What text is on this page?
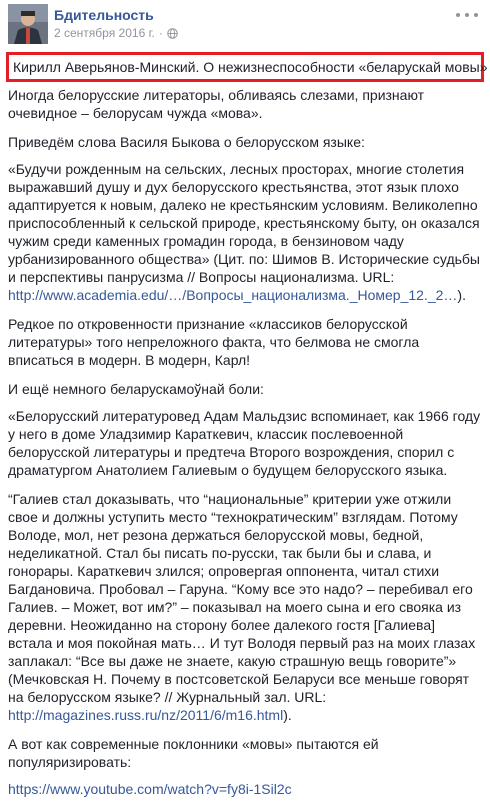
Бдительность
2 сентября 2016 г. ·
Кирилл Аверьянов-Минский. О нежизнеспособности «беларускай мовы»

Иногда белорусские литераторы, обливаясь слезами, признают очевидное – белорусам чужда «мова».

Приведём слова Василя Быкова о белорусском языке:

«Будучи рожденным на сельских, лесных просторах, многие столетия выражавший душу и дух белорусского крестьянства, этот язык плохо адаптируется к новым, далеко не крестьянским условиям. Великолепно приспособленный к сельской природе, крестьянскому быту, он оказался чужим среди каменных громадин города, в бензиновом чаду урбанизированного общества» (Цит. по: Шимов В. Исторические судьбы и перспективы панрусизма // Вопросы национализма. URL: http://www.academia.edu/…/Вопросы_национализма._Номер_12._2…).

Редкое по откровенности признание «классиков белорусской литературы» того непреложного факта, что белмова не смогла вписаться в модерн. В модерн, Карл!

И ещё немного беларускамоўнай боли:

«Белорусский литературовед Адам Мальдзис вспоминает, как 1966 году у него в доме Уладзимир Караткевич, классик послевоенной белорусской литературы и предтеча Второго возрождения, спорил с драматургом Анатолием Галиевым о будущем белорусского языка.

“Галиев стал доказывать, что “национальные” критерии уже отжили свое и должны уступить место “технократическим” взглядам. Потому Володе, мол, нет резона держаться белорусской мовы, бедной, неделикатной. Стал бы писать по-русски, так были бы и слава, и гонорары. Караткевич злился; опровергая оппонента, читал стихи Багдановича. Пробовал – Гаруна. “Кому все это надо? – перебивал его Галиев. – Может, вот им?” – показывал на моего сына и его свояка из деревни. Неожиданно на сторону более далекого гостя [Галиева] встала и моя покойная мать… И тут Володя первый раз на моих глазах заплакал: “Все вы даже не знаете, какую страшную вещь говорите”» (Мечковская Н. Почему в постсоветской Беларуси все меньше говорят на белорусском языке? // Журнальный зал. URL: http://magazines.russ.ru/nz/2011/6/m16.html).

А вот как современные поклонники «мовы» пытаются ей популяризировать:

https://www.youtube.com/watch?v=fy8i-1Sil2c
